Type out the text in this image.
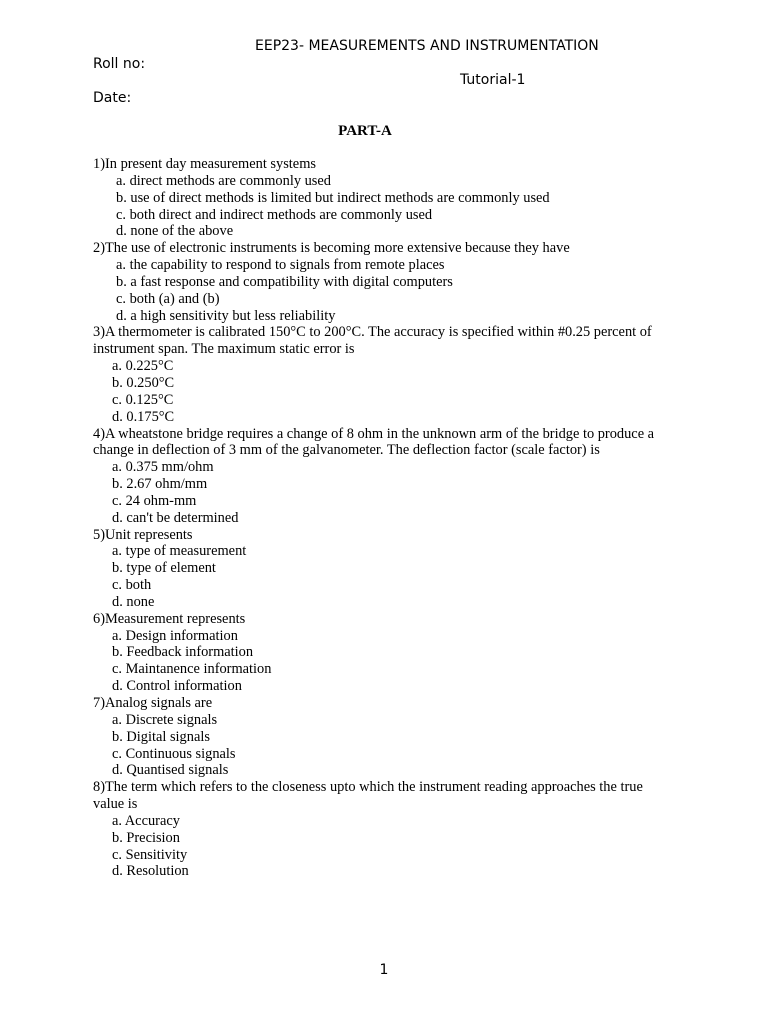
EEP23- MEASUREMENTS AND INSTRUMENTATION
Roll no:
Tutorial-1
Date:
PART-A

1)In present day measurement systems

a. direct methods are commonly used
b. use of direct methods is limited but indirect methods are commonly used
c. both direct and indirect methods are commonly used
d. none of the above

2)The use of electronic instruments is becoming more extensive because they have

a. the capability to respond to signals from remote places
b. a fast response and compatibility with digital computers
c. both (a) and (b)
d. a high sensitivity but less reliability

3)A thermometer is calibrated 150°C to 200°C. The accuracy is specified within #0.25 percent of instrument span. The maximum static error is

a. 0.225°C
b. 0.250°C
c. 0.125°C
d. 0.175°C

4)A wheatstone bridge requires a change of 8 ohm in the unknown arm of the bridge to produce a change in deflection of 3 mm of the galvanometer. The deflection factor (scale factor) is

a. 0.375 mm/ohm
b. 2.67 ohm/mm
c. 24 ohm-mm
d. can't be determined

5)Unit represents

a. type of measurement
b. type of element
c. both
d. none

6)Measurement represents

a. Design information
b. Feedback information
c. Maintanence information
d. Control information

7)Analog signals are

a. Discrete signals
b. Digital signals
c. Continuous signals
d. Quantised signals

8)The term which refers to the closeness upto which the instrument reading approaches the true value is

a. Accuracy
b. Precision
c. Sensitivity
d. Resolution
1
